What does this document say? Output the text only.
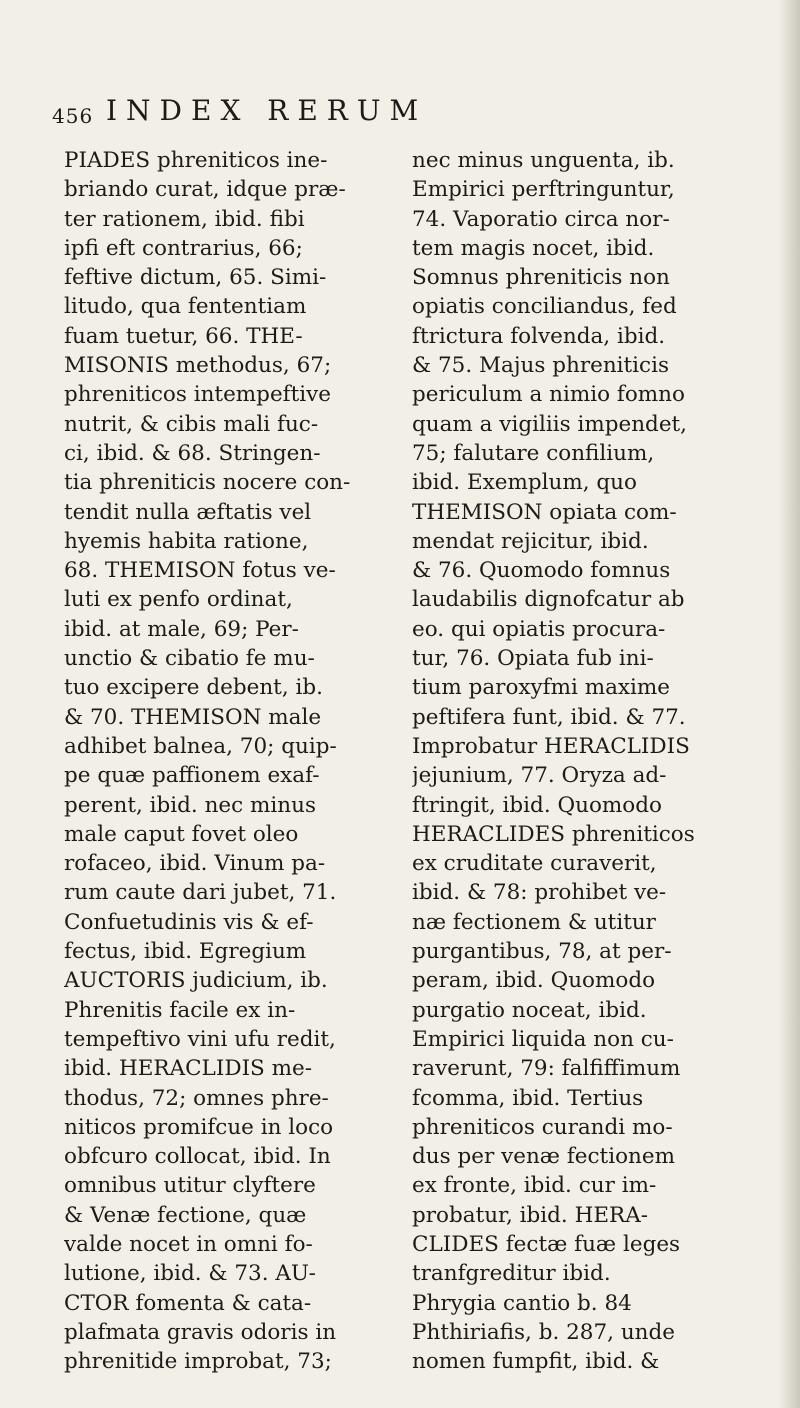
456 INDEX RERUM
PIADES phreniticos ine-
briando curat, idque præ-
ter rationem, ibid. fibi
ipfi eft contrarius, 66;
feftive dictum, 65. Simi-
litudo, qua fententiam
fuam tuetur, 66. THE-
MISONIS methodus, 67;
phreniticos intempeftive
nutrit, & cibis mali fuc-
ci, ibid. & 68. Stringen-
tia phreniticis nocere con-
tendit nulla æftatis vel
hyemis habita ratione,
68. THEMISON fotus ve-
luti ex penfo ordinat,
ibid. at male, 69; Per-
unctio & cibatio fe mu-
tuo excipere debent, ib.
& 70. THEMISON male
adhibet balnea, 70; quip-
pe quæ paffionem exaf-
perent, ibid. nec minus
male caput fovet oleo
rofaceo, ibid. Vinum pa-
rum caute dari jubet, 71.
Confuetudinis vis & ef-
fectus, ibid. Egregium
AUCTORIS judicium, ib.
Phrenitis facile ex in-
tempeftivo vini ufu redit,
ibid. HERACLIDIS me-
thodus, 72; omnes phre-
niticos promifcue in loco
obfcuro collocat, ibid. In
omnibus utitur clyftere
& Venæ fectione, quæ
valde nocet in omni fo-
lutione, ibid. & 73. AU-
CTOR fomenta & cata-
plafmata gravis odoris in
phrenitide improbat, 73;
nec minus unguenta, ib.
Empirici perftringuntur,
74. Vaporatio circa nor-
tem magis nocet, ibid.
Somnus phreniticis non
opiatis conciliandus, fed
ftrictura folvenda, ibid.
& 75. Majus phreniticis
periculum a nimio fomno
quam a vigiliis impendet,
75; falutare confilium,
ibid. Exemplum, quo
THEMISON opiata com-
mendat rejicitur, ibid.
& 76. Quomodo fomnus
laudabilis dignofcatur ab
eo. qui opiatis procura-
tur, 76. Opiata fub ini-
tium paroxyfmi maxime
peftifera funt, ibid. & 77.
Improbatur HERACLIDIS
jejunium, 77. Oryza ad-
ftringit, ibid. Quomodo
HERACLIDES phreniticos
ex cruditate curaverit,
ibid. & 78: prohibet ve-
næ fectionem & utitur
purgantibus, 78, at per-
peram, ibid. Quomodo
purgatio noceat, ibid.
Empirici liquida non cu-
raverunt, 79: falfiffimum
fcomma, ibid. Tertius
phreniticos curandi mo-
dus per venæ fectionem
ex fronte, ibid. cur im-
probatur, ibid. HERA-
CLIDES fectæ fuæ leges
tranfgreditur ibid.
Phrygia cantio b. 84
Phthiriafis, b. 287, unde
nomen fumpfit, ibid. &
